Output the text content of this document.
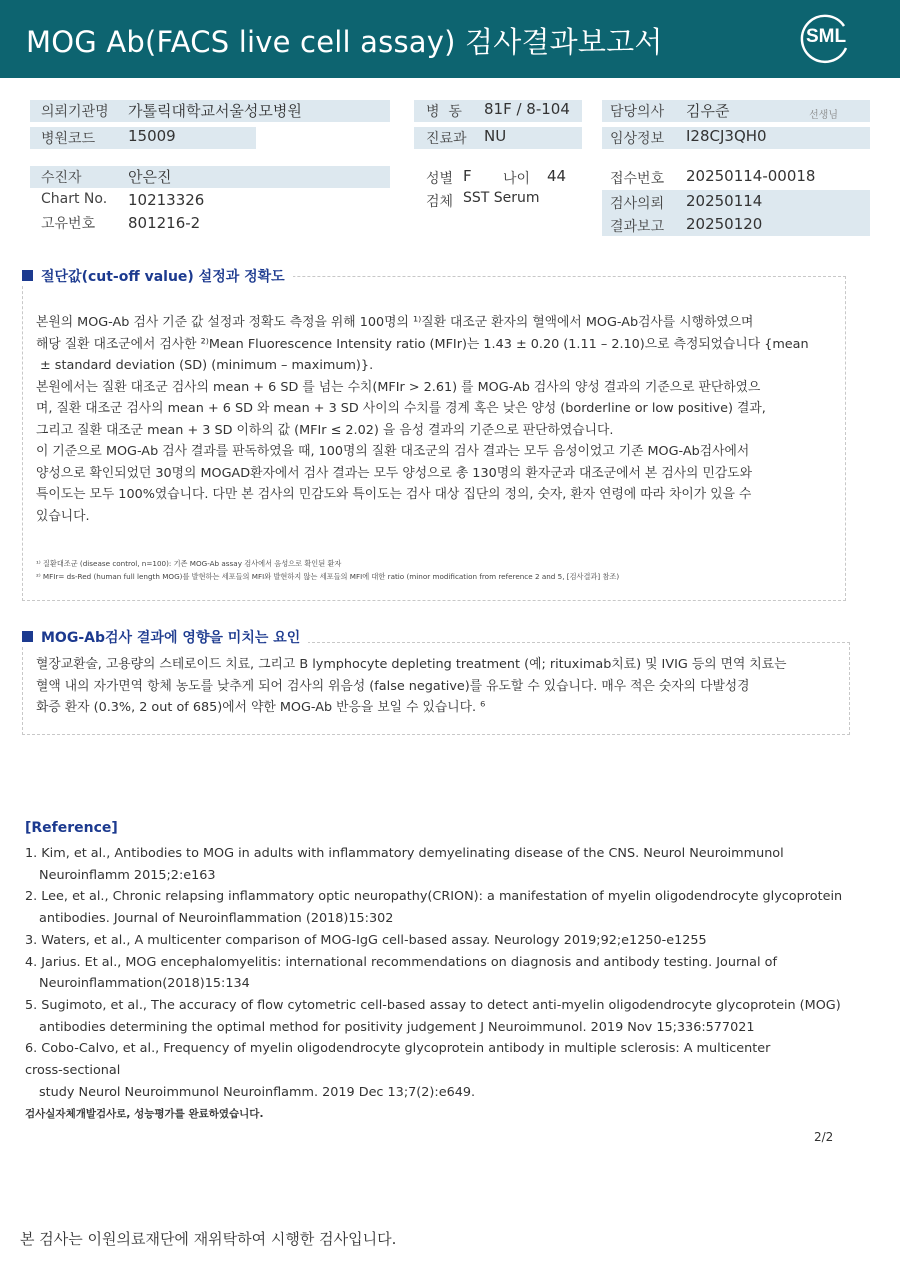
MOG Ab(FACS live cell assay) 검사결과보고서	SML
의뢰기관명 가톨릭대학교서울성모병원
병원코드 15009
병  동 81F / 8-104
진료과 NU
담당의사 김우준	선생님
임상정보 I28CJ3QH0
수진자	안은진
Chart No. 10213326
고유번호 801216-2
성별 F 나이 44
검체 SST Serum
접수번호 20250114-00018
검사의뢰 20250114
결과보고 20250120
절단값(cut-off value) 설정과 정확도

본원의 MOG-Ab 검사 기준 값 설정과 정확도 측정을 위해 100명의 ¹⁾질환 대조군 환자의 혈액에서 MOG-Ab검사를 시행하였으며

해당 질환 대조군에서 검사한 ²⁾Mean Fluorescence Intensity ratio (MFIr)는 1.43 ± 0.20 (1.11 – 2.10)으로 측정되었습니다 {mean

± standard deviation (SD) (minimum – maximum)}.

본원에서는 질환 대조군 검사의 mean + 6 SD 를 넘는 수치(MFIr > 2.61) 를 MOG-Ab 검사의 양성 결과의 기준으로 판단하였으

며, 질환 대조군 검사의 mean + 6 SD 와 mean + 3 SD 사이의 수치를 경계 혹은 낮은 양성 (borderline or low positive) 결과,

그리고 질환 대조군 mean + 3 SD 이하의 값 (MFIr ≤ 2.02) 을 음성 결과의 기준으로 판단하였습니다.

이 기준으로 MOG-Ab 검사 결과를 판독하였을 때, 100명의 질환 대조군의 검사 결과는 모두 음성이었고 기존 MOG-Ab검사에서

양성으로 확인되었던 30명의 MOGAD환자에서 검사 결과는 모두 양성으로 총 130명의 환자군과 대조군에서 본 검사의 민감도와

특이도는 모두 100%였습니다. 다만 본 검사의 민감도와 특이도는 검사 대상 집단의 정의, 숫자, 환자 연령에 따라 차이가 있을 수

있습니다.

¹⁾ 질환대조군 (disease control, n=100): 기존 MOG-Ab assay 검사에서 음성으로 확인된 환자
²⁾ MFIr= ds-Red (human full length MOG)를 발현하는 세포들의 MFI와 발현하지 않는 세포들의 MFI에 대한 ratio (minor modification from reference 2 and 5, [검사결과] 참조)
MOG-Ab검사 결과에 영향을 미치는 요인

혈장교환술, 고용량의 스테로이드 치료, 그리고 B lymphocyte depleting treatment (예; rituximab치료) 및 IVIG 등의 면역 치료는

혈액 내의 자가면역 항체 농도를 낮추게 되어 검사의 위음성 (false negative)를 유도할 수 있습니다. 매우 적은 숫자의 다발성경

화증 환자 (0.3%, 2 out of 685)에서 약한 MOG-Ab 반응을 보일 수 있습니다. ⁶

[Reference]
1. Kim, et al., Antibodies to MOG in adults with inflammatory demyelinating disease of the CNS. Neurol Neuroimmunol
Neuroinflamm 2015;2:e163
2. Lee, et al., Chronic relapsing inflammatory optic neuropathy(CRION): a manifestation of myelin oligodendrocyte glycoprotein
antibodies. Journal of Neuroinflammation (2018)15:302
3. Waters, et al., A multicenter comparison of MOG-IgG cell-based assay. Neurology 2019;92;e1250-e1255
4. Jarius. Et al., MOG encephalomyelitis: international recommendations on diagnosis and antibody testing. Journal of
Neuroinflammation(2018)15:134
5. Sugimoto, et al., The accuracy of flow cytometric cell-based assay to detect anti-myelin oligodendrocyte glycoprotein (MOG)
antibodies determining the optimal method for positivity judgement J Neuroimmunol. 2019 Nov 15;336:577021
6. Cobo-Calvo, et al., Frequency of myelin oligodendrocyte glycoprotein antibody in multiple sclerosis: A multicenter
cross-sectional
study Neurol Neuroimmunol Neuroinflamm. 2019 Dec 13;7(2):e649.
검사실자체개발검사로, 성능평가를 완료하였습니다.
2/2
본 검사는 이원의료재단에 재위탁하여 시행한 검사입니다.
